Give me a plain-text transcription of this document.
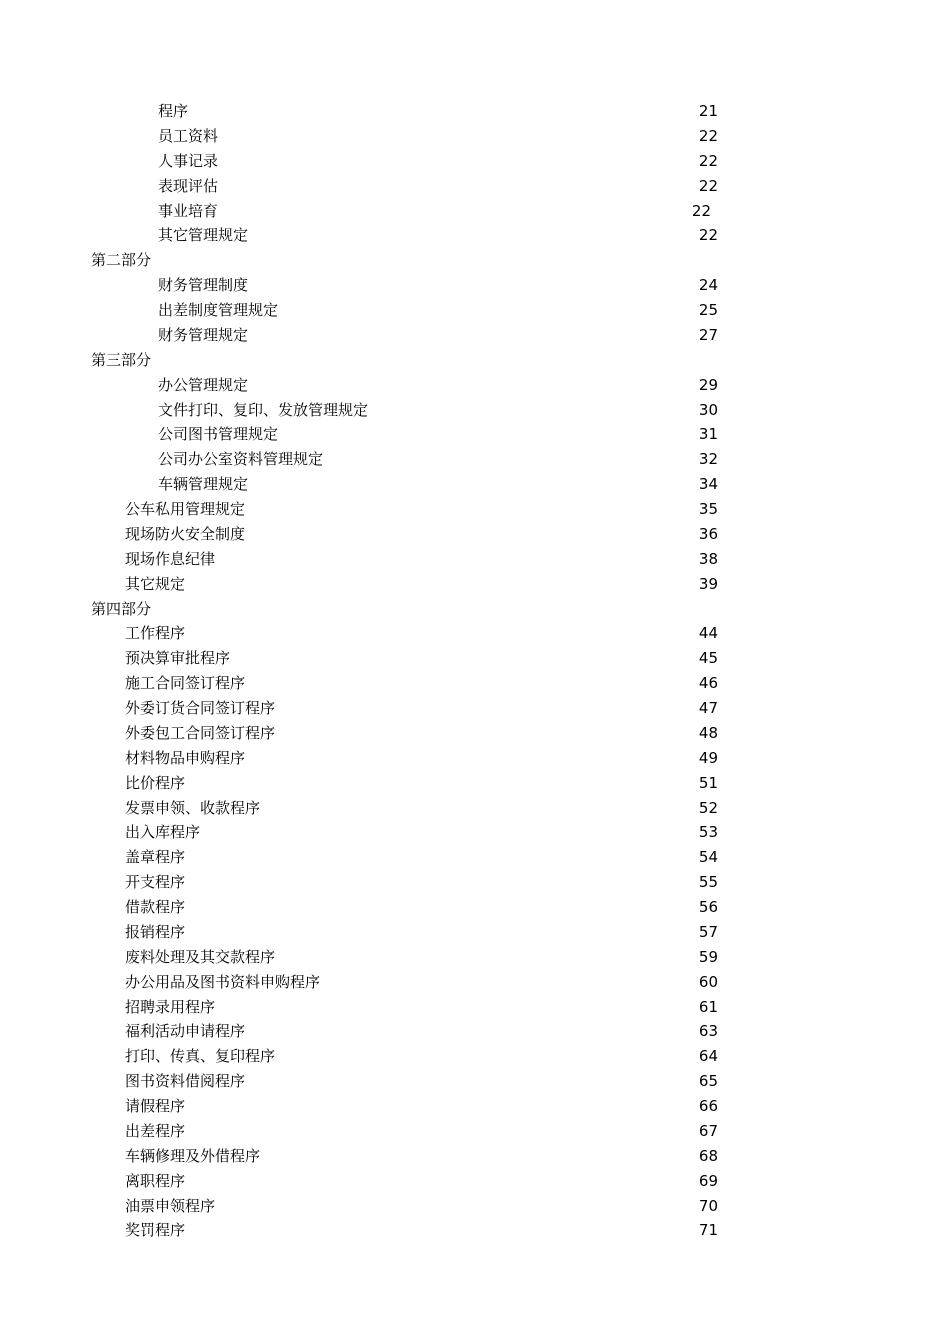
程序	21
员工资料	22
人事记录	22
表现评估	22
事业培育	22
其它管理规定	22
第二部分
财务管理制度	24
出差制度管理规定	25
财务管理规定	27
第三部分
办公管理规定	29
文件打印、复印、发放管理规定	30
公司图书管理规定	31
公司办公室资料管理规定	32
车辆管理规定	34
公车私用管理规定	35
现场防火安全制度	36
现场作息纪律	38
其它规定	39
第四部分
工作程序	44
预决算审批程序	45
施工合同签订程序	46
外委订货合同签订程序	47
外委包工合同签订程序	48
材料物品申购程序	49
比价程序	51
发票申领、收款程序	52
出入库程序	53
盖章程序	54
开支程序	55
借款程序	56
报销程序	57
废料处理及其交款程序	59
办公用品及图书资料申购程序	60
招聘录用程序	61
福利活动申请程序	63
打印、传真、复印程序	64
图书资料借阅程序	65
请假程序	66
出差程序	67
车辆修理及外借程序	68
离职程序	69
油票申领程序	70
奖罚程序	71
